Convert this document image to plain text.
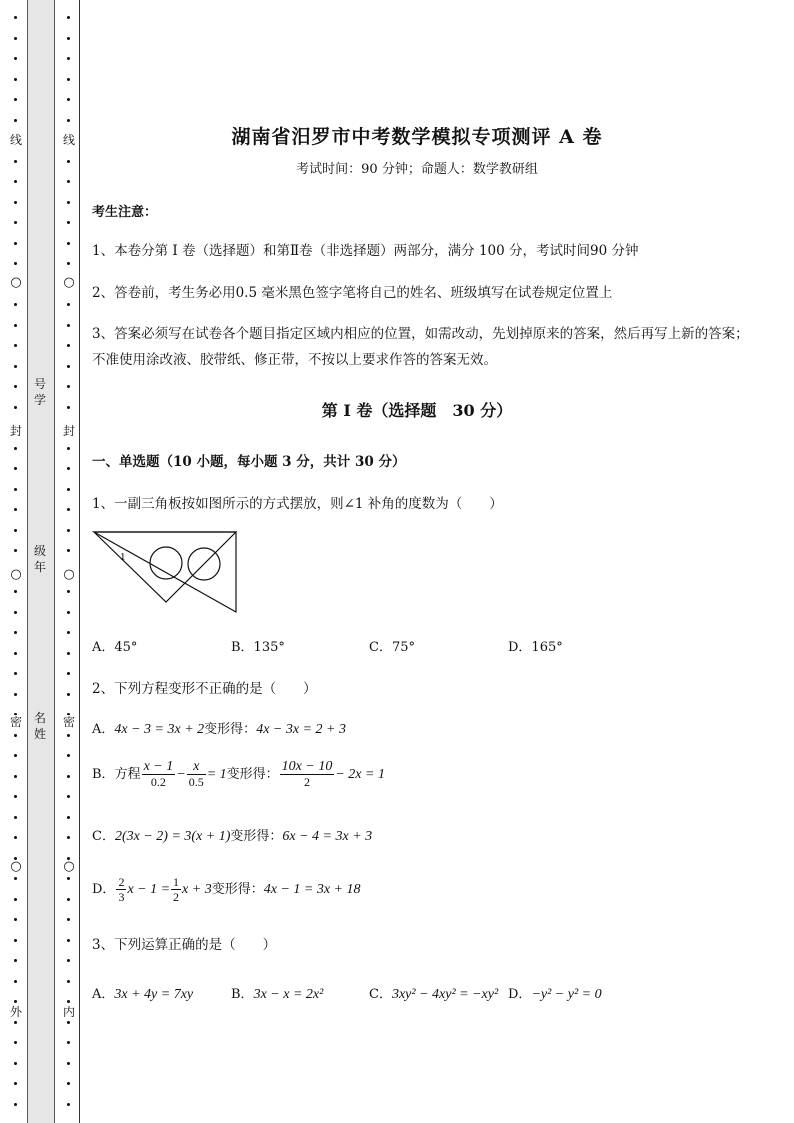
线
○
封
○
密
○
外
线
○
封
○
密
○
内
号学
级年
名姓
湖南省汨罗市中考数学模拟专项测评 A 卷
考试时间：90 分钟；命题人：数学教研组
考生注意：
1、本卷分第 I 卷（选择题）和第Ⅱ卷（非选择题）两部分，满分 100 分，考试时间90 分钟
2、答卷前，考生务必用0.5 毫米黑色签字笔将自己的姓名、班级填写在试卷规定位置上
3、答案必须写在试卷各个题目指定区域内相应的位置，如需改动，先划掉原来的答案，然后再写上新的答案；不准使用涂改液、胶带纸、修正带，不按以上要求作答的答案无效。
第 I 卷（选择题　30 分）
一、单选题（10 小题，每小题 3 分，共计 30 分）
1、一副三角板按如图所示的方式摆放，则∠1 补角的度数为（　　）
1
A．45°	B．135°	C．75°	D．165°
2、下列方程变形不正确的是（　　）
A．4x − 3 = 3x + 2变形得：4x − 3x = 2 + 3
B．方程 $\frac{x - 1}{0.2} - \frac{x}{0.5} = 1$变形得： $\frac{10x - 10}{2} - 2x = 1$
C．2(3x − 2) = 3(x + 1)变形得：6x − 4 = 3x + 3
D． $\frac{2}{3}$ $x - 1 = \frac{1}{2}$ x + 3变形得：4x − 1 = 3x + 18
3、下列运算正确的是（　　）
A．3x + 4y = 7xy	B．3x − x = 2x²	C．3xy² − 4xy² = −xy² D．−y² − y² = 0
